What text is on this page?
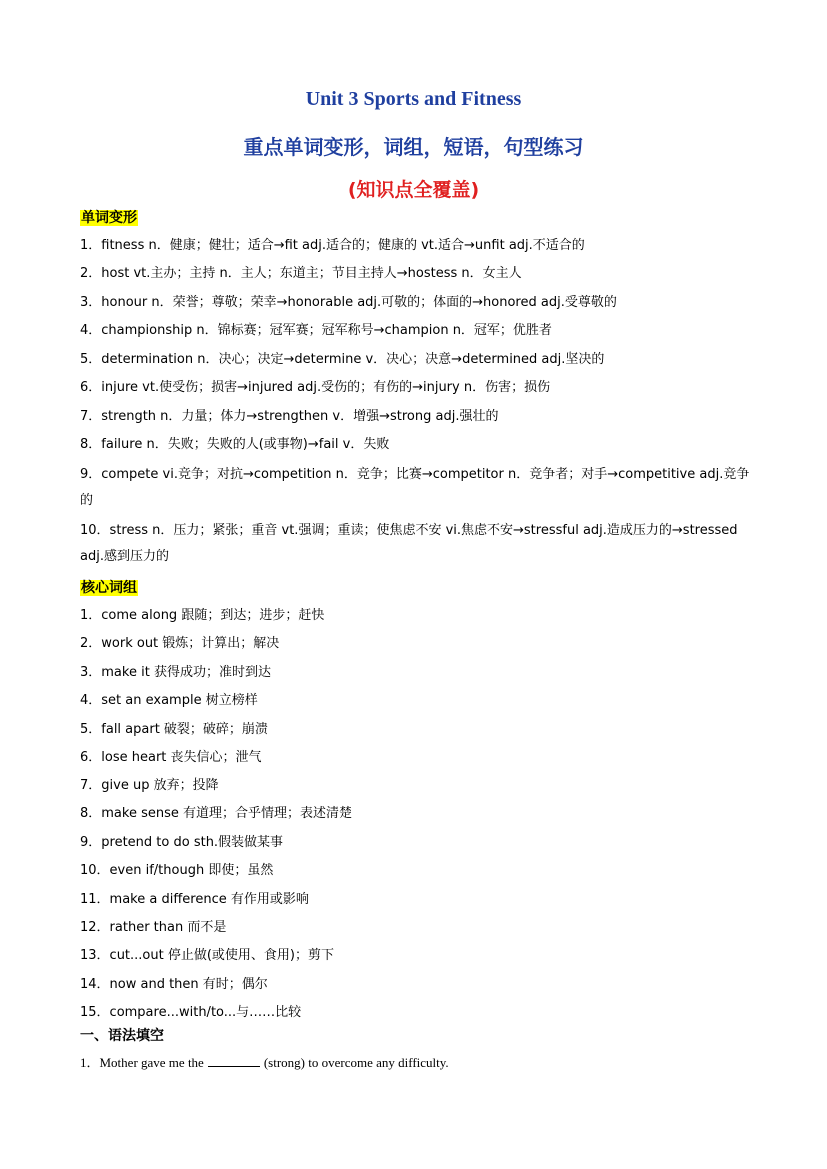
Unit 3 Sports and Fitness
重点单词变形，词组，短语，句型练习
(知识点全覆盖)
单词变形
1．fitness n．健康；健壮；适合→fit adj.适合的；健康的 vt.适合→unfit adj.不适合的
2．host vt.主办；主持 n．主人；东道主；节目主持人→hostess n．女主人
3．honour n．荣誉；尊敬；荣幸→honorable adj.可敬的；体面的→honored adj.受尊敬的
4．championship n．锦标赛；冠军赛；冠军称号→champion n．冠军；优胜者
5．determination n．决心；决定→determine v．决心；决意→determined adj.坚决的
6．injure vt.使受伤；损害→injured adj.受伤的；有伤的→injury n．伤害；损伤
7．strength n．力量；体力→strengthen v．增强→strong adj.强壮的
8．failure n．失败；失败的人(或事物)→fail v．失败
9．compete vi.竞争；对抗→competition n．竞争；比赛→competitor n．竞争者；对手→competitive adj.竞争的
10．stress n．压力；紧张；重音 vt.强调；重读；使焦虑不安 vi.焦虑不安→stressful adj.造成压力的→stressed adj.感到压力的
核心词组
1．come along 跟随；到达；进步；赶快
2．work out 锻炼；计算出；解决
3．make it 获得成功；准时到达
4．set an example 树立榜样
5．fall apart 破裂；破碎；崩溃
6．lose heart 丧失信心；泄气
7．give up 放弃；投降
8．make sense 有道理；合乎情理；表述清楚
9．pretend to do sth.假装做某事
10．even if/though 即使；虽然
11．make a difference 有作用或影响
12．rather than 而不是
13．cut...out 停止做(或使用、食用)；剪下
14．now and then 有时；偶尔
15．compare...with/to...与……比较
一、语法填空
1．Mother gave me the	(strong) to overcome any difficulty.
